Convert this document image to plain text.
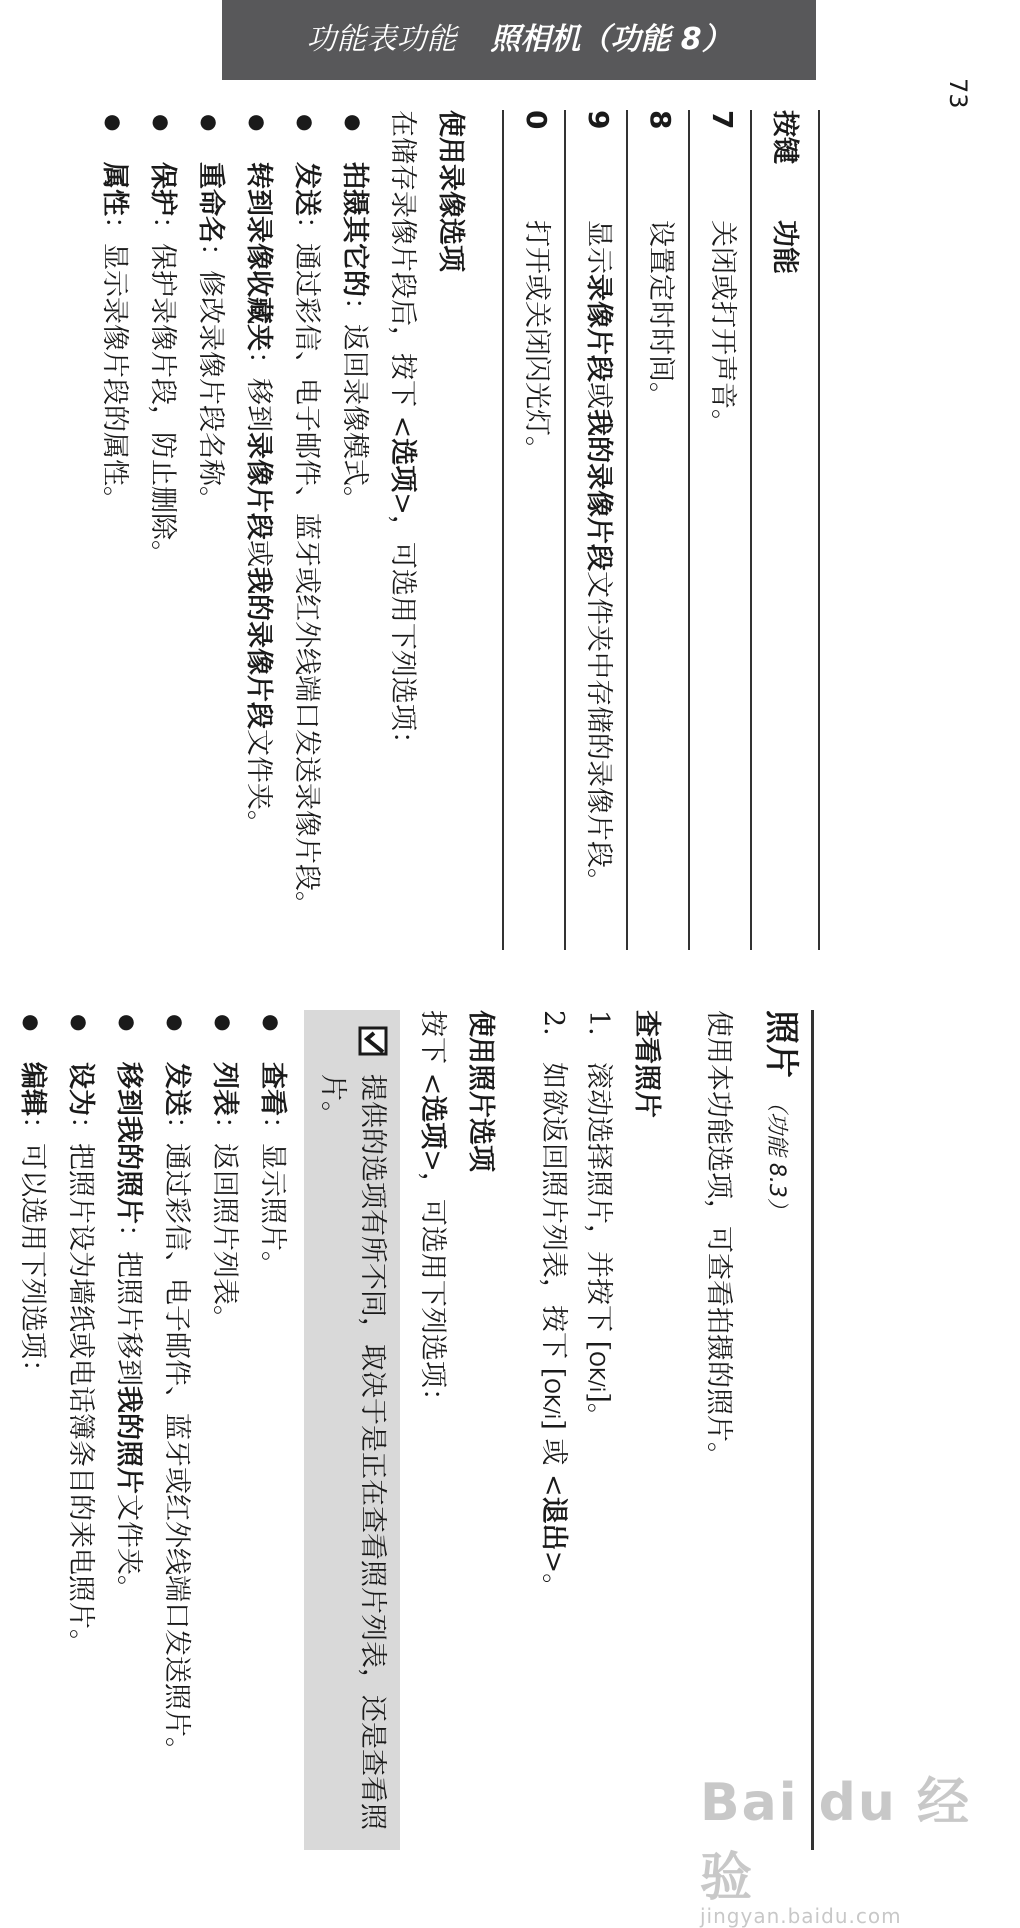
功能表功能 照相机（功能 8）
73
按键	功能
7	关闭或打开声音。
8	设置定时时间。
9	显示录像片段或我的录像片段文件夹中存储的录像片段。
0	打开或关闭闪光灯。
使用录像选项

在储存录像片段后，按下 <选项>，可选用下列选项：

● 拍摄其它的：返回录像模式。
● 发送：通过彩信、电子邮件、蓝牙或红外线端口发送录像片段。
● 转到录像收藏夹：移到录像片段或我的录像片段文件夹。
● 重命名：修改录像片段名称。
● 保护：保护录像片段，防止删除。
● 属性：显示录像片段的属性。
照片 （功能 8.3）

使用本功能选项，可查看拍摄的照片。

查看照片
1.
滚动选择照片，并按下 [OK/i]。
2.
如欲返回照片列表，按下 [OK/i] 或 <退出>。
使用照片选项

按下 <选项>，可选用下列选项：

提供的选项有所不同，取决于是正在查看照片列表，还是查看照片。
● 查看：显示照片。
● 列表：返回照片列表。
● 发送：通过彩信、电子邮件、蓝牙或红外线端口发送照片。
● 移到我的照片：把照片移到我的照片文件夹。
● 设为：把照片设为墙纸或电话簿条目的来电照片。
● 编辑：可以选用下列选项：
Bai du 经验
jingyan.baidu.com
